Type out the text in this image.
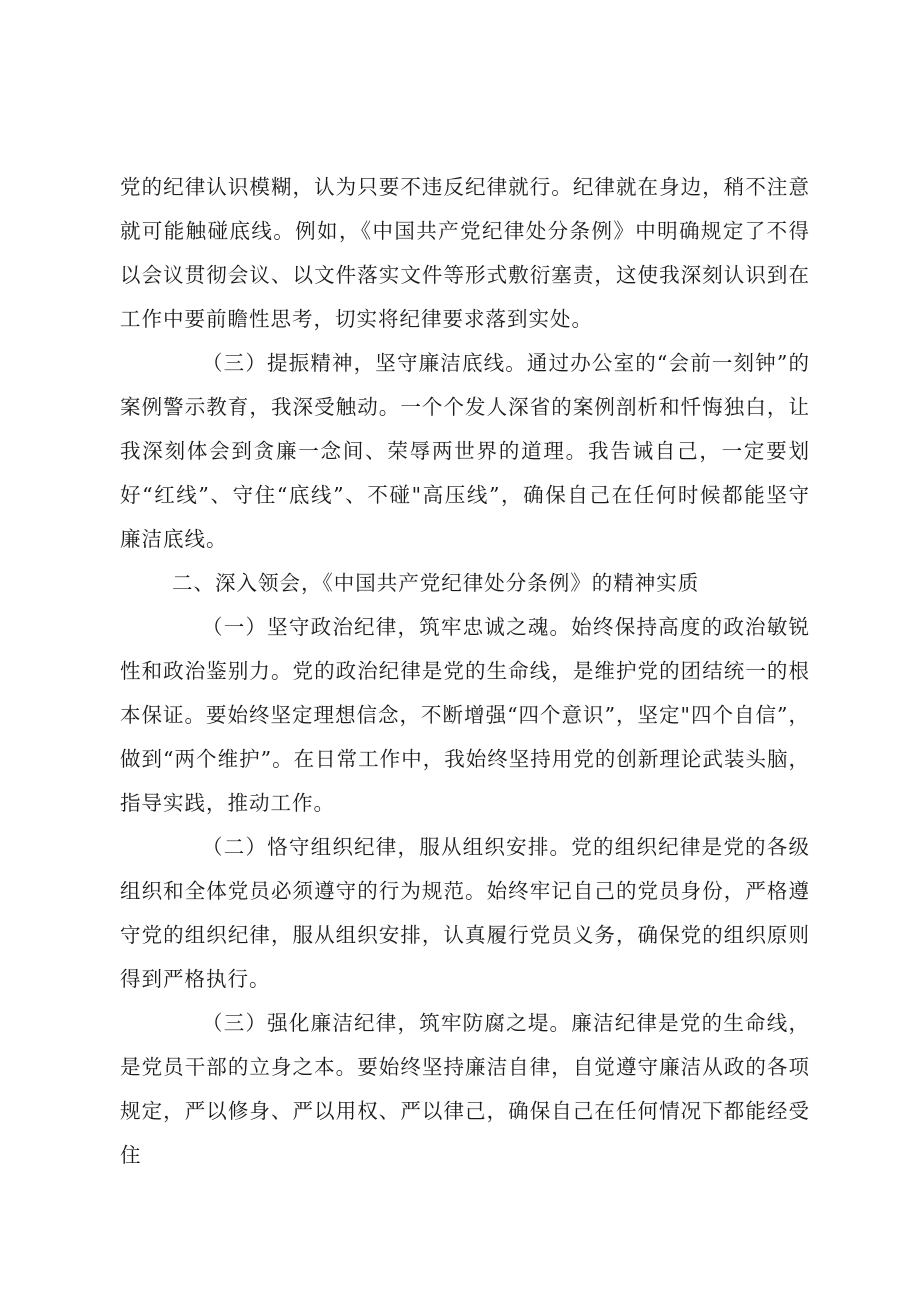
党的纪律认识模糊，认为只要不违反纪律就行。纪律就在身边，稍不注意就可能触碰底线。例如，《中国共产党纪律处分条例》中明确规定了不得以会议贯彻会议、以文件落实文件等形式敷衍塞责，这使我深刻认识到在工作中要前瞻性思考，切实将纪律要求落到实处。

（三）提振精神，坚守廉洁底线。通过办公室的“会前一刻钟”的案例警示教育，我深受触动。一个个发人深省的案例剖析和忏悔独白，让我深刻体会到贪廉一念间、荣辱两世界的道理。我告诫自己，一定要划好“红线”、守住“底线”、不碰"高压线”，确保自己在任何时候都能坚守廉洁底线。

二、深入领会，《中国共产党纪律处分条例》的精神实质

（一）坚守政治纪律，筑牢忠诚之魂。始终保持高度的政治敏锐性和政治鉴别力。党的政治纪律是党的生命线，是维护党的团结统一的根本保证。要始终坚定理想信念，不断增强“四个意识”，坚定"四个自信”，做到“两个维护”。在日常工作中，我始终坚持用党的创新理论武装头脑，指导实践，推动工作。

（二）恪守组织纪律，服从组织安排。党的组织纪律是党的各级组织和全体党员必须遵守的行为规范。始终牢记自己的党员身份，严格遵守党的组织纪律，服从组织安排，认真履行党员义务，确保党的组织原则得到严格执行。

（三）强化廉洁纪律，筑牢防腐之堤。廉洁纪律是党的生命线，是党员干部的立身之本。要始终坚持廉洁自律，自觉遵守廉洁从政的各项规定，严以修身、严以用权、严以律己，确保自己在任何情况下都能经受住
